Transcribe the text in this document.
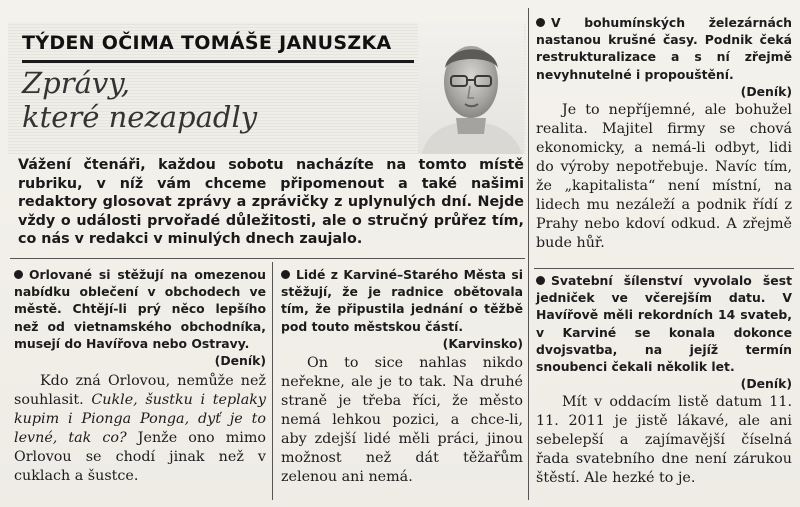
TÝDEN OČIMA TOMÁŠE JANUSZKA
Zprávy,
které nezapadly
Vážení čtenáři, každou sobotu nacházíte na tomto místě rubriku, v níž vám chceme připomenout a také našimi redaktory glosovat zprávy a zprávičky z uplynulých dní. Nejde vždy o události prvořadé důležitosti, ale o stručný průřez tím, co nás v redakci v minulých dnech zaujalo.
Orlované si stěžují na omezenou nabídku oblečení v obchodech ve městě. Chtějí-li prý něco lepšího než od vietnamského obchodníka, musejí do Havířova nebo Ostravy.
(Deník)
Kdo zná Orlovou, nemůže než souhlasit. Cukle, šustku i teplaky kupim i Pionga Ponga, dyť je to levné, tak co? Jenže ono mimo Orlovou se chodí jinak než v cuklach a šustce.
Lidé z Karviné–Starého Města si stěžují, že je radnice obětovala tím, že připustila jednání o těžbě pod touto městskou částí.
(Karvinsko)
On to sice nahlas nikdo neřekne, ale je to tak. Na druhé straně je třeba říci, že město nemá lehkou pozici, a chce-li, aby zdejší lidé měli práci, jinou možnost než dát těžařům zelenou ani nemá.
V bohumínských železárnách nastanou krušné časy. Podnik čeká restrukturalizace a s ní zřejmě nevyhnutelné i propouštění.
(Deník)
Je to nepříjemné, ale bohužel realita. Majitel firmy se chová ekonomicky, a nemá-li odbyt, lidi do výroby nepotřebuje. Navíc tím, že „kapitalista“ není místní, na lidech mu nezáleží a podnik řídí z Prahy nebo kdoví odkud. A zřejmě bude hůř.
Svatební šílenství vyvolalo šest jedniček ve včerejším datu. V Havířově měli rekordních 14 svateb, v Karviné se konala dokonce dvojsvatba, na jejíž termín snoubenci čekali několik let.
(Deník)
Mít v oddacím listě datum 11. 11. 2011 je jistě lákavé, ale ani sebelepší a zajímavější číselná řada svatebního dne není zárukou štěstí. Ale hezké to je.
